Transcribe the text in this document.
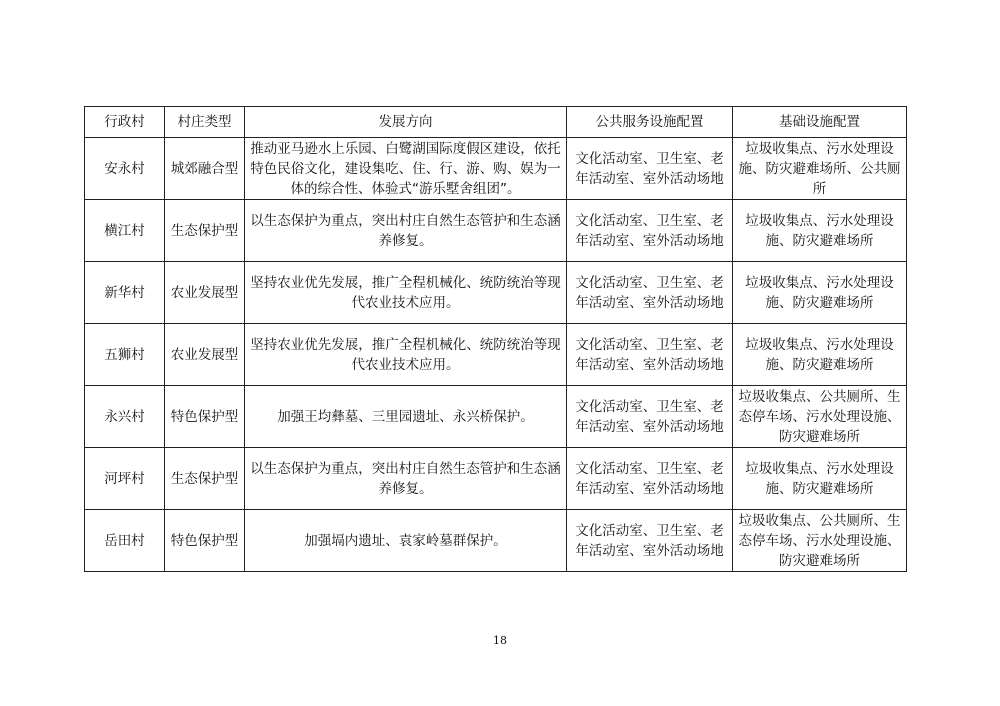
行政村	村庄类型	发展方向	公共服务设施配置	基础设施配置
安永村	城郊融合型	推动亚马逊水上乐园、白鹭湖国际度假区建设，依托特色民俗文化，建设集吃、住、行、游、购、娱为一体的综合性、体验式“游乐墅舍组团”。	文化活动室、卫生室、老年活动室、室外活动场地	垃圾收集点、污水处理设施、防灾避难场所、公共厕所
横江村	生态保护型	以生态保护为重点，突出村庄自然生态管护和生态涵养修复。	文化活动室、卫生室、老年活动室、室外活动场地	垃圾收集点、污水处理设施、防灾避难场所
新华村	农业发展型	坚持农业优先发展，推广全程机械化、统防统治等现代农业技术应用。	文化活动室、卫生室、老年活动室、室外活动场地	垃圾收集点、污水处理设施、防灾避难场所
五狮村	农业发展型	坚持农业优先发展，推广全程机械化、统防统治等现代农业技术应用。	文化活动室、卫生室、老年活动室、室外活动场地	垃圾收集点、污水处理设施、防灾避难场所
永兴村	特色保护型	加强王均彝墓、三里园遗址、永兴桥保护。	文化活动室、卫生室、老年活动室、室外活动场地	垃圾收集点、公共厕所、生态停车场、污水处理设施、防灾避难场所
河坪村	生态保护型	以生态保护为重点，突出村庄自然生态管护和生态涵养修复。	文化活动室、卫生室、老年活动室、室外活动场地	垃圾收集点、污水处理设施、防灾避难场所
岳田村	特色保护型	加强塥内遗址、袁家岭墓群保护。	文化活动室、卫生室、老年活动室、室外活动场地	垃圾收集点、公共厕所、生态停车场、污水处理设施、防灾避难场所
18
